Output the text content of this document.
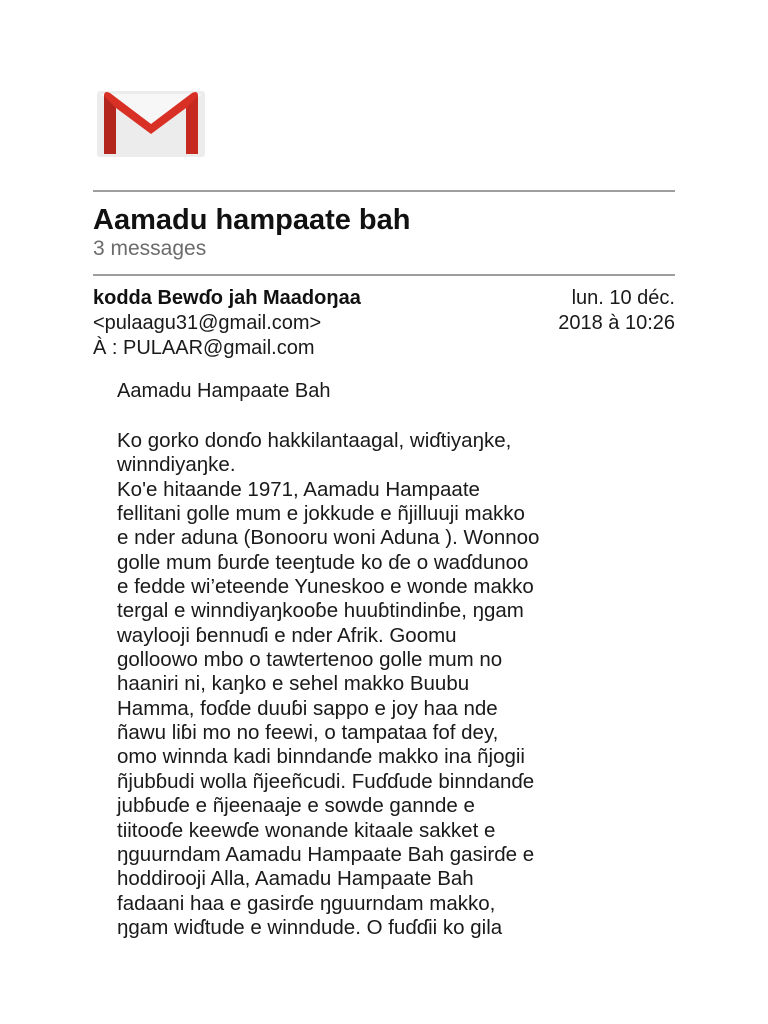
Aamadu hampaate bah
3 messages
kodda Bewɗo jah Maadoŋaa
<pulaagu31@gmail.com>
À : PULAAR@gmail.com
lun. 10 déc.
2018 à 10:26
Aamadu Hampaate Bah
Ko gorko donɗo hakkilantaagal, wiɗtiyaŋke,
winndiyaŋke.
Ko'e hitaande 1971, Aamadu Hampaate
fellitani golle mum e jokkude e ñjilluuji makko
e nder aduna (Bonooru woni Aduna ). Wonnoo
golle mum ɓurɗe teeŋtude ko ɗe o waɗdunoo
e fedde wi’eteende Yuneskoo e wonde makko
tergal e winndiyaŋkooɓe huuɓtindinɓe, ŋgam
waylooji ɓennuɗi e nder Afrik. Goomu
golloowo mbo o tawtertenoo golle mum no
haaniri ni, kaŋko e sehel makko Buubu
Hamma, foɗde duuɓi sappo e joy haa nde
ñawu liɓi mo no feewi, o tampataa fof dey,
omo winnda kadi binndanɗe makko ina ñjogii
ñjubɓudi wolla ñjeeñcudi. Fuɗɗude binndanɗe
jubɓuɗe e ñjeenaaje e sowde gannde e
tiitooɗe keewɗe wonande kitaale sakket e
ŋguurndam Aamadu Hampaate Bah gasirɗe e
hoddirooji Alla, Aamadu Hampaate Bah
fadaani haa e gasirɗe ŋguurndam makko,
ŋgam wiɗtude e winndude. O fuɗɗii ko gila
